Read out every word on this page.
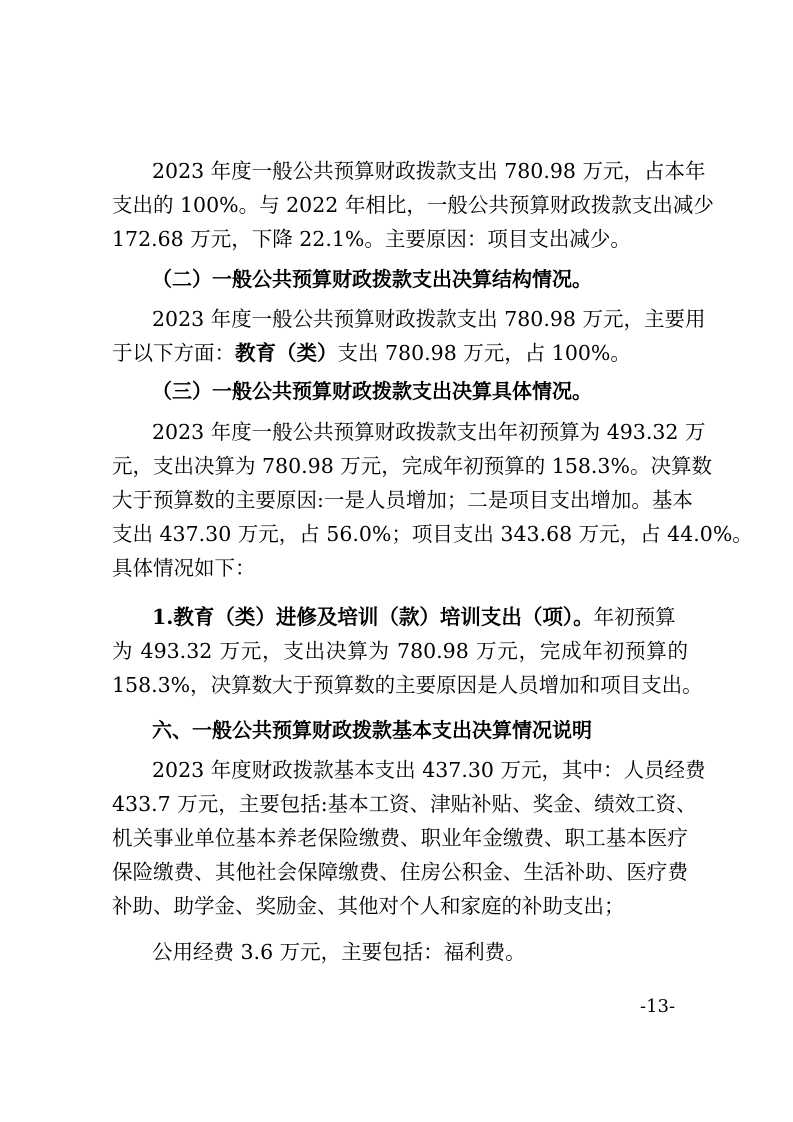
2023 年度一般公共预算财政拨款支出 780.98 万元，占本年
支出的 100%。与 2022 年相比，一般公共预算财政拨款支出减少
172.68 万元，下降 22.1%。主要原因：项目支出减少。
（二）一般公共预算财政拨款支出决算结构情况。
2023 年度一般公共预算财政拨款支出 780.98 万元，主要用
于以下方面：教育（类）支出 780.98 万元，占 100%。
（三）一般公共预算财政拨款支出决算具体情况。
2023 年度一般公共预算财政拨款支出年初预算为 493.32 万
元，支出决算为 780.98 万元，完成年初预算的 158.3%。决算数
大于预算数的主要原因:一是人员增加；二是项目支出增加。基本
支出 437.30 万元，占 56.0%；项目支出 343.68 万元，占 44.0%。
具体情况如下：
1.教育（类）进修及培训（款）培训支出（项）。年初预算
为 493.32 万元，支出决算为 780.98 万元，完成年初预算的
158.3%，决算数大于预算数的主要原因是人员增加和项目支出。
六、一般公共预算财政拨款基本支出决算情况说明
2023 年度财政拨款基本支出 437.30 万元，其中：人员经费
433.7 万元，主要包括:基本工资、津贴补贴、奖金、绩效工资、
机关事业单位基本养老保险缴费、职业年金缴费、职工基本医疗
保险缴费、其他社会保障缴费、住房公积金、生活补助、医疗费
补助、助学金、奖励金、其他对个人和家庭的补助支出；
公用经费 3.6 万元，主要包括：福利费。
-13-
